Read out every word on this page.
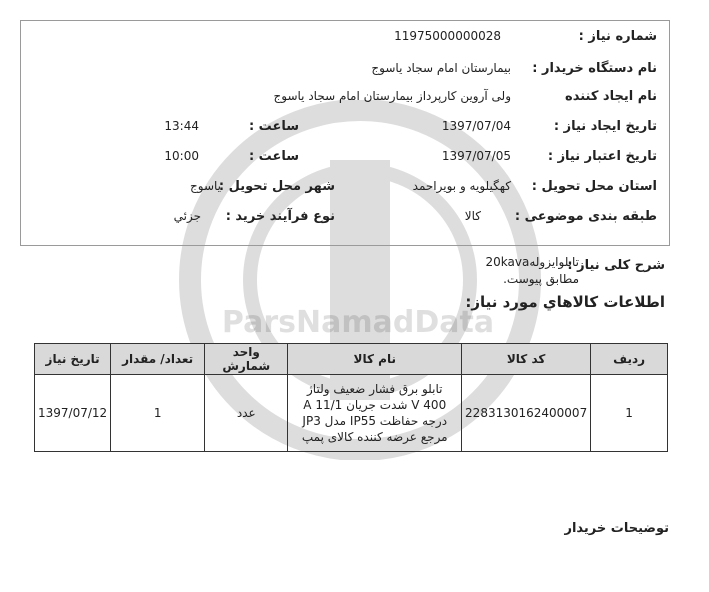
ParsNamadData
شماره نیاز :
11975000000028
نام دستگاه خریدار :
بیمارستان امام سجاد یاسوج
نام ایجاد کننده
ولی آروین کارپرداز بیمارستان امام سجاد یاسوج
تاریخ ایجاد نیاز :
1397/07/04
ساعت :
13:44
تاریخ اعتبار نیاز :
1397/07/05
ساعت :
10:00
استان محل تحویل :
کهگیلویه و بویراحمد
شهر محل تحویل :
یاسوج
طبقه بندی موضوعی :
کالا
نوع فرآیند خرید :
جزئي
شرح کلی نیاز :
تابلوایزوله20kava
مطابق پیوست.
اطلاعات کالاهاي مورد نیاز:
ردیف	کد کالا	نام کالا	واحد شمارش	تعداد/ مقدار	تاریخ نیاز
1	2283130162400007	تابلو برق فشار ضعیف ولتاژ
400 V شدت جریان 11/1 A
درجه حفاظت IP55 مدل JP3
مرجع عرضه کننده کالای پمپ	عدد	1	1397/07/12
توضیحات خریدار
